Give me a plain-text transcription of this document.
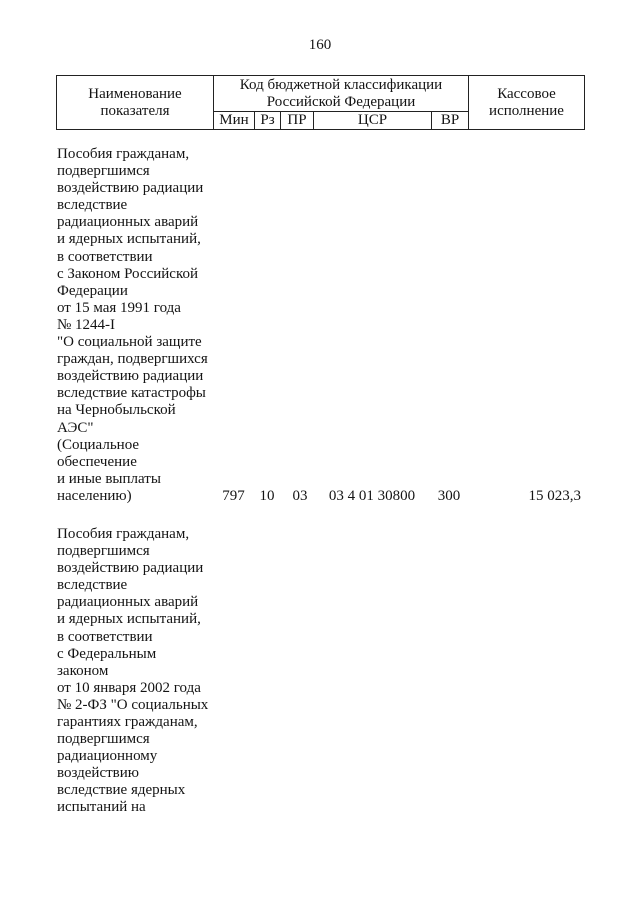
160
Наименование
показателя
Код бюджетной классификации
Российской Федерации
Мин Рз ПР	ЦСР	ВР
Кассовое
исполнение
Пособия гражданам,
подвергшимся
воздействию радиации
вследствие
радиационных аварий
и ядерных испытаний,
в соответствии
с Законом Российской
Федерации
от 15 мая 1991 года
№ 1244-I
"О социальной защите
граждан, подвергшихся
воздействию радиации
вследствие катастрофы
на Чернобыльской
АЭС"
(Социальное
обеспечение
и иные выплаты
населению)	797 10	03	03 4 01 30800	300	15 023,3
Пособия гражданам,
подвергшимся
воздействию радиации
вследствие
радиационных аварий
и ядерных испытаний,
в соответствии
с Федеральным
законом
от 10 января 2002 года
№ 2-ФЗ "О социальных
гарантиях гражданам,
подвергшимся
радиационному
воздействию
вследствие ядерных
испытаний на
